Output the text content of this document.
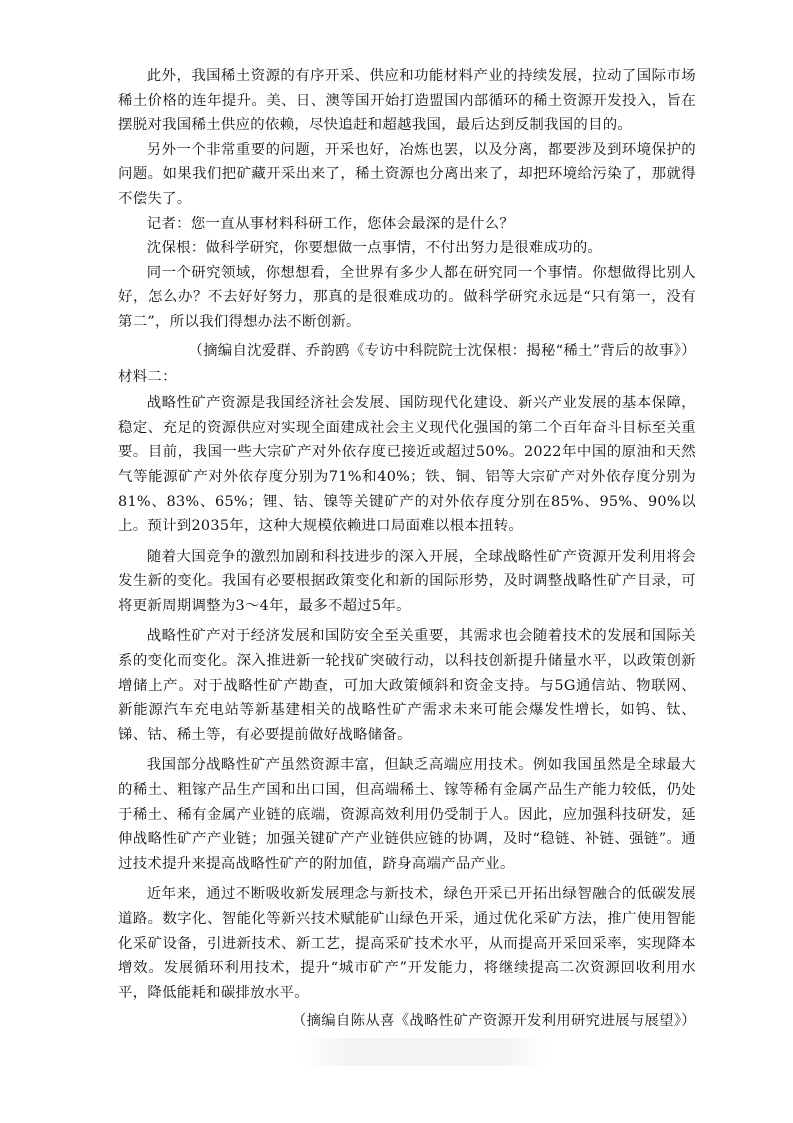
此外，我国稀土资源的有序开采、供应和功能材料产业的持续发展，拉动了国际市场稀土价格的连年提升。美、日、澳等国开始打造盟国内部循环的稀土资源开发投入，旨在摆脱对我国稀土供应的依赖，尽快追赶和超越我国，最后达到反制我国的目的。

另外一个非常重要的问题，开采也好，冶炼也罢，以及分离，都要涉及到环境保护的问题。如果我们把矿藏开采出来了，稀土资源也分离出来了，却把环境给污染了，那就得不偿失了。

记者：您一直从事材料科研工作，您体会最深的是什么？

沈保根：做科学研究，你要想做一点事情，不付出努力是很难成功的。

同一个研究领域，你想想看，全世界有多少人都在研究同一个事情。你想做得比别人好，怎么办？不去好好努力，那真的是很难成功的。做科学研究永远是“只有第一，没有第二”，所以我们得想办法不断创新。

（摘编自沈爱群、乔韵鸥《专访中科院院士沈保根：揭秘“稀土”背后的故事》）

材料二：

战略性矿产资源是我国经济社会发展、国防现代化建设、新兴产业发展的基本保障，稳定、充足的资源供应对实现全面建成社会主义现代化强国的第二个百年奋斗目标至关重要。目前，我国一些大宗矿产对外依存度已接近或超过50%。2022年中国的原油和天然气等能源矿产对外依存度分别为71%和40%；铁、铜、铝等大宗矿产对外依存度分别为81%、83%、65%；锂、钴、镍等关键矿产的对外依存度分别在85%、95%、90%以上。预计到2035年，这种大规模依赖进口局面难以根本扭转。

随着大国竞争的激烈加剧和科技进步的深入开展，全球战略性矿产资源开发利用将会发生新的变化。我国有必要根据政策变化和新的国际形势，及时调整战略性矿产目录，可将更新周期调整为3～4年，最多不超过5年。

战略性矿产对于经济发展和国防安全至关重要，其需求也会随着技术的发展和国际关系的变化而变化。深入推进新一轮找矿突破行动，以科技创新提升储量水平，以政策创新增储上产。对于战略性矿产勘查，可加大政策倾斜和资金支持。与5G通信站、物联网、新能源汽车充电站等新基建相关的战略性矿产需求未来可能会爆发性增长，如钨、钛、锑、钴、稀土等，有必要提前做好战略储备。

我国部分战略性矿产虽然资源丰富，但缺乏高端应用技术。例如我国虽然是全球最大的稀土、粗镓产品生产国和出口国，但高端稀土、镓等稀有金属产品生产能力较低，仍处于稀土、稀有金属产业链的底端，资源高效利用仍受制于人。因此，应加强科技研发，延伸战略性矿产产业链；加强关键矿产产业链供应链的协调，及时“稳链、补链、强链”。通过技术提升来提高战略性矿产的附加值，跻身高端产品产业。

近年来，通过不断吸收新发展理念与新技术，绿色开采已开拓出绿智融合的低碳发展道路。数字化、智能化等新兴技术赋能矿山绿色开采，通过优化采矿方法，推广使用智能化采矿设备，引进新技术、新工艺，提高采矿技术水平，从而提高开采回采率，实现降本增效。发展循环利用技术，提升“城市矿产”开发能力，将继续提高二次资源回收利用水平，降低能耗和碳排放水平。

（摘编自陈从喜《战略性矿产资源开发利用研究进展与展望》）
